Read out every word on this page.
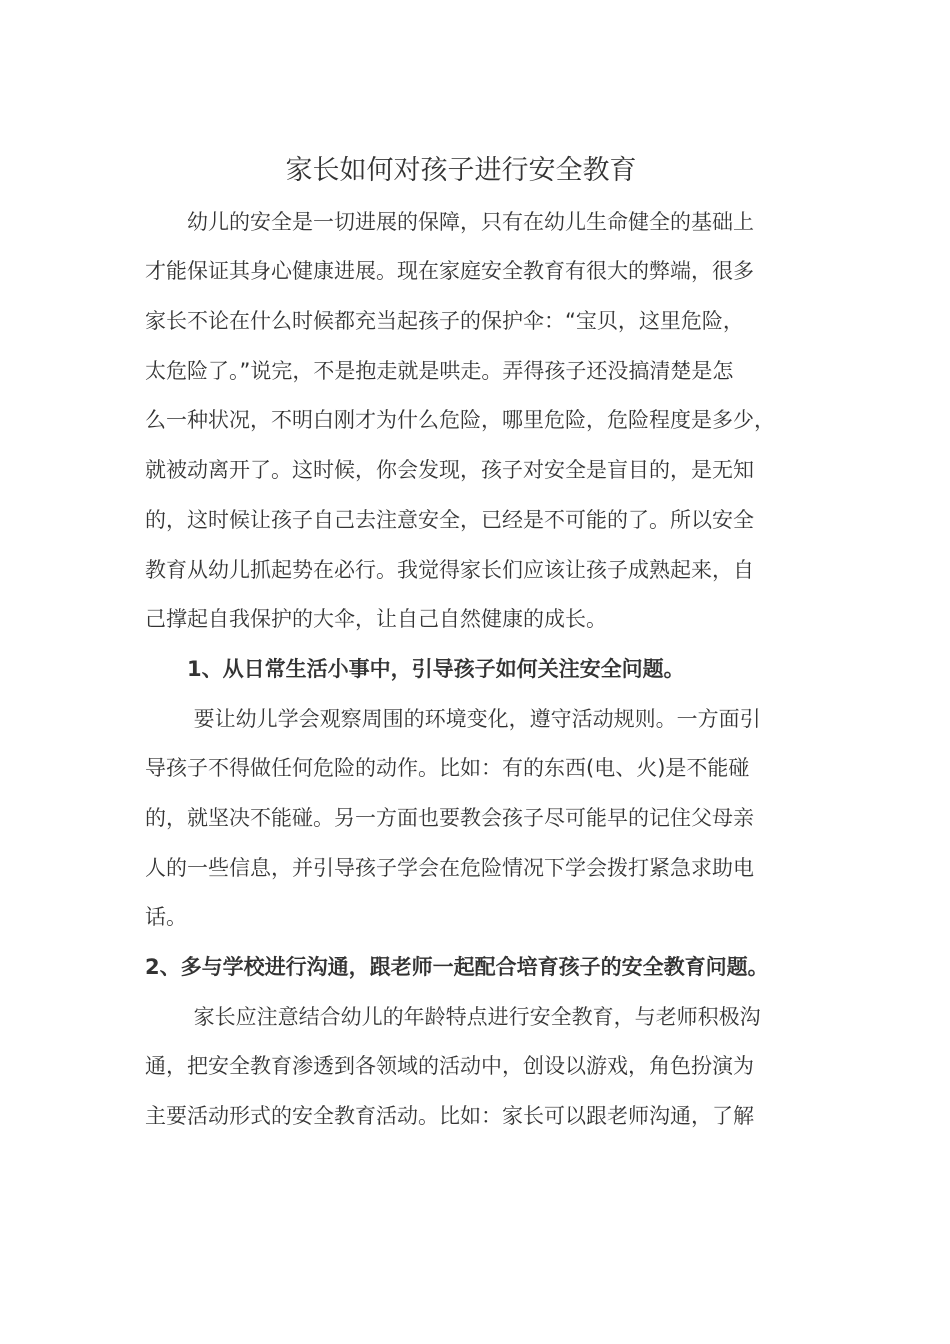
家长如何对孩子进行安全教育
　　幼儿的安全是一切进展的保障，只有在幼儿生命健全的基础上
才能保证其身心健康进展。现在家庭安全教育有很大的弊端，很多
家长不论在什么时候都充当起孩子的保护伞：“宝贝，这里危险，
太危险了。”说完，不是抱走就是哄走。弄得孩子还没搞清楚是怎
么一种状况，不明白刚才为什么危险，哪里危险，危险程度是多少，
就被动离开了。这时候，你会发现，孩子对安全是盲目的，是无知
的，这时候让孩子自己去注意安全，已经是不可能的了。所以安全
教育从幼儿抓起势在必行。我觉得家长们应该让孩子成熟起来，自
己撑起自我保护的大伞，让自己自然健康的成长。
　　1、从日常生活小事中，引导孩子如何关注安全问题。
　　 要让幼儿学会观察周围的环境变化，遵守活动规则。一方面引
导孩子不得做任何危险的动作。比如：有的东西(电、火)是不能碰
的，就坚决不能碰。另一方面也要教会孩子尽可能早的记住父母亲
人的一些信息，并引导孩子学会在危险情况下学会拨打紧急求助电
话。
2、多与学校进行沟通，跟老师一起配合培育孩子的安全教育问题。
　　 家长应注意结合幼儿的年龄特点进行安全教育，与老师积极沟
通，把安全教育渗透到各领域的活动中，创设以游戏，角色扮演为
主要活动形式的安全教育活动。比如：家长可以跟老师沟通，了解
